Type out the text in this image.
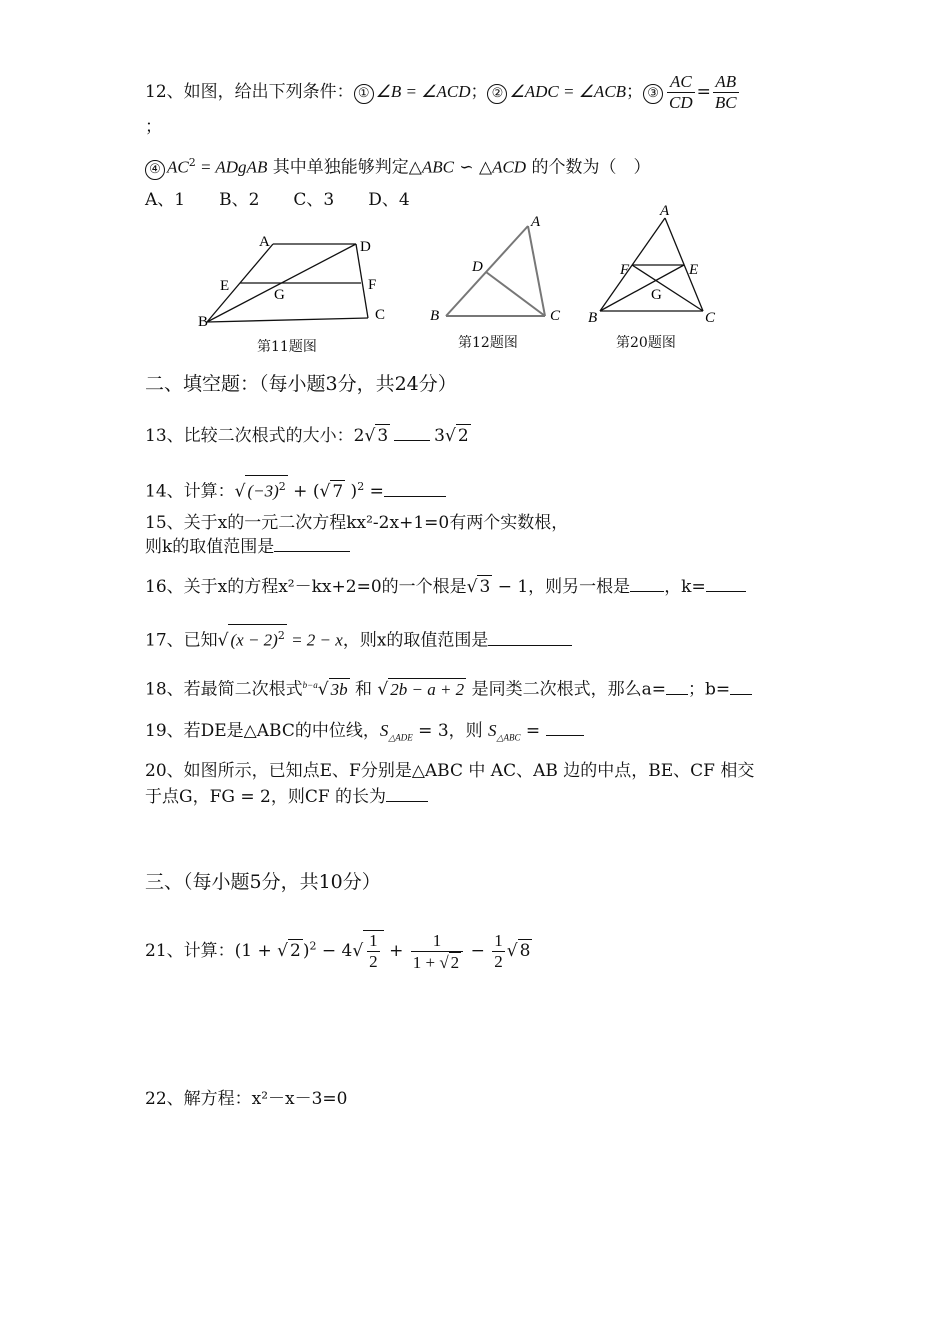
12、如图，给出下列条件： ① ∠B = ∠ACD； ② ∠ADC = ∠ACB； ③ $\frac{AC}{CD} = \frac{AB}{BC}$
；
④ $AC^2$ = ADgAB 其中单独能够判定△ABC ∽ △ACD 的个数为（　）
A、1　　B、2　　C、3　　D、4
A	D
E	F
G
B	C
A
D
B	C
A
F	E
G
B	C
第11题图	第12题图	第20题图
二、填空题：（每小题3分，共24分）
13、比较二次根式的大小：2√ 3	3√ 2
14、计算：√ $(-3)^2$ + (√ 7 )$^2$ =
15、关于x的一元二次方程kx²-2x+1=0有两个实数根，
则k的取值范围是
16、关于x的方程x²－kx+2=0的一个根是√ 3 − 1，则另一根是 ，k=
17、已知√ $(x - 2)^2 = 2 - x$，则x的取值范围是
18、若最简二次根式$^{b-a}$√ 3b 和 √ 2b − a + 2 是同类二次根式，那么a= ；b=
19、若DE是△ABC的中位线，$S_{\triangle ADE} = 3$，则 $S_{\triangle ABC}$ =
20、如图所示，已知点E、F分别是△ABC 中 AC、AB 边的中点，BE、CF 相交
于点G，FG = 2，则CF 的长为
三、（每小题5分，共10分）
21、计算：(1 + √ 2 )$^2 - 4√ \frac{1}{2} + \frac{1}{1 + √ 2} - \frac{1}{2}$ √ 8
22、解方程：x²－x－3=0
